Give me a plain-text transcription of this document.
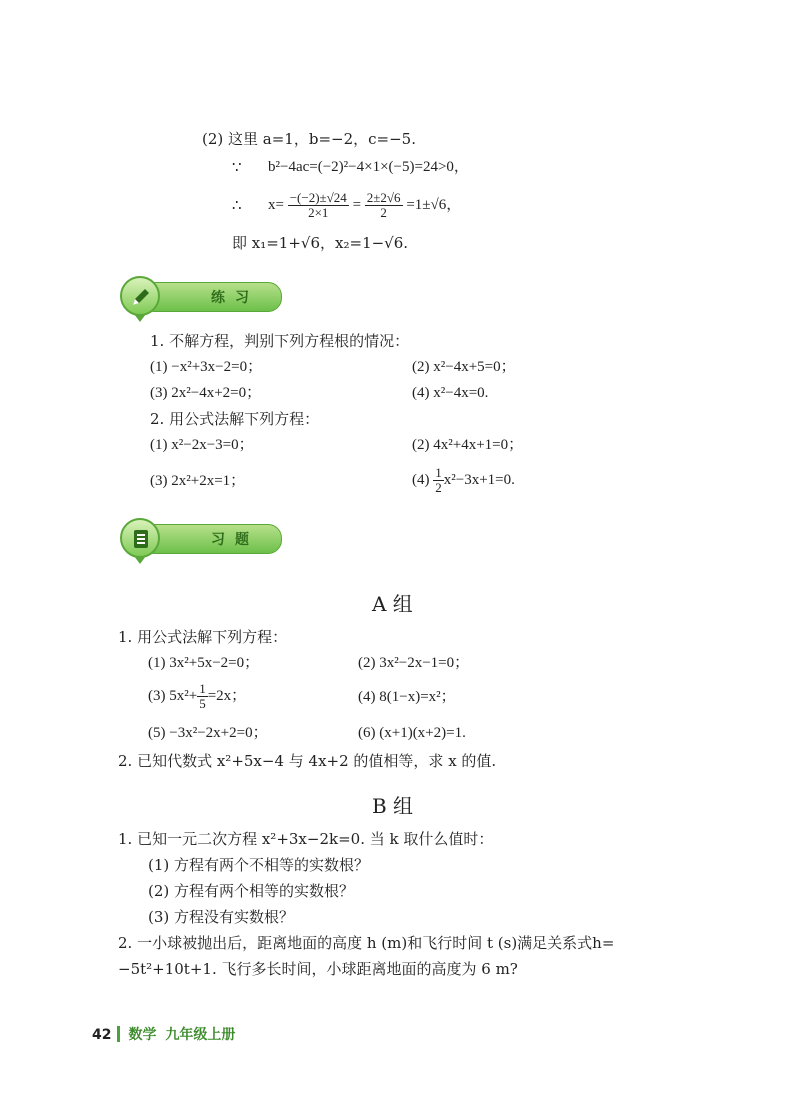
(2) 这里 a=1，b=−2，c=−5.
∵ b²−4ac=(−2)²−4×1×(−5)=24>0，
∴ $x= \frac{-(-2)\pm√24}{2\times 1} = \frac{2\pm 2√6}{2} =1\pm√6$，
即 x₁=1+√6，x₂=1−√6.
练习
1. 不解方程，判别下列方程根的情况：
(1) −x²+3x−2=0；	(2) x²−4x+5=0；
(3) 2x²−4x+2=0；	(4) x²−4x=0.
2. 用公式法解下列方程：
(1) x²−2x−3=0；	(2) 4x²+4x+1=0；
(3) 2x²+2x=1；	$(4) \frac{1}{2} x^2-3x+1=0$.
习题
A 组
1. 用公式法解下列方程：
(1) 3x²+5x−2=0；	(2) 3x²−2x−1=0；
(3) $5x^2+ \frac{1}{5} =2x$；	(4) 8(1−x)=x²；
(5) −3x²−2x+2=0；	(6) (x+1)(x+2)=1.
2. 已知代数式 x²+5x−4 与 4x+2 的值相等，求 x 的值.
B 组
1. 已知一元二次方程 x²+3x−2k=0. 当 k 取什么值时：
(1) 方程有两个不相等的实数根？
(2) 方程有两个相等的实数根？
(3) 方程没有实数根？
2. 一小球被抛出后，距离地面的高度 h (m)和飞行时间 t (s)满足关系式h=
−5t²+10t+1. 飞行多长时间，小球距离地面的高度为 6 m?
42 数学 九年级上册
